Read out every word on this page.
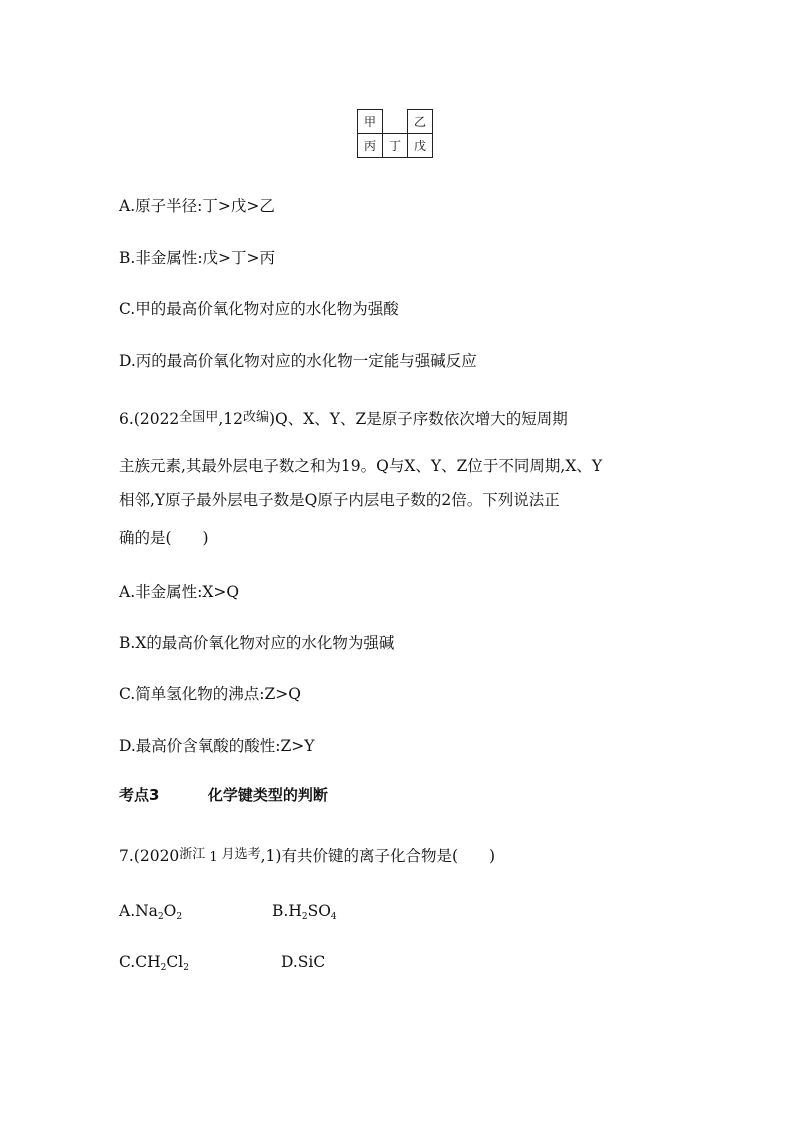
甲		乙
丙	丁	戊
A.原子半径:丁>戊>乙
B.非金属性:戊>丁>丙
C.甲的最高价氧化物对应的水化物为强酸
D.丙的最高价氧化物对应的水化物一定能与强碱反应
6.(2022全国甲,12改编)Q、X、Y、Z是原子序数依次增大的短周期
主族元素,其最外层电子数之和为19。Q与X、Y、Z位于不同周期,X、Y
相邻,Y原子最外层电子数是Q原子内层电子数的2倍。下列说法正
确的是(　　)
A.非金属性:X>Q
B.X的最高价氧化物对应的水化物为强碱
C.简单氢化物的沸点:Z>Q
D.最高价含氧酸的酸性:Z>Y
考点3	化学键类型的判断
7.(2020浙江 1 月选考,1)有共价键的离子化合物是(　　)
$A.Na_2O_2$	$B.H_2SO_4$
$C.CH_2Cl_2$	D.SiC
